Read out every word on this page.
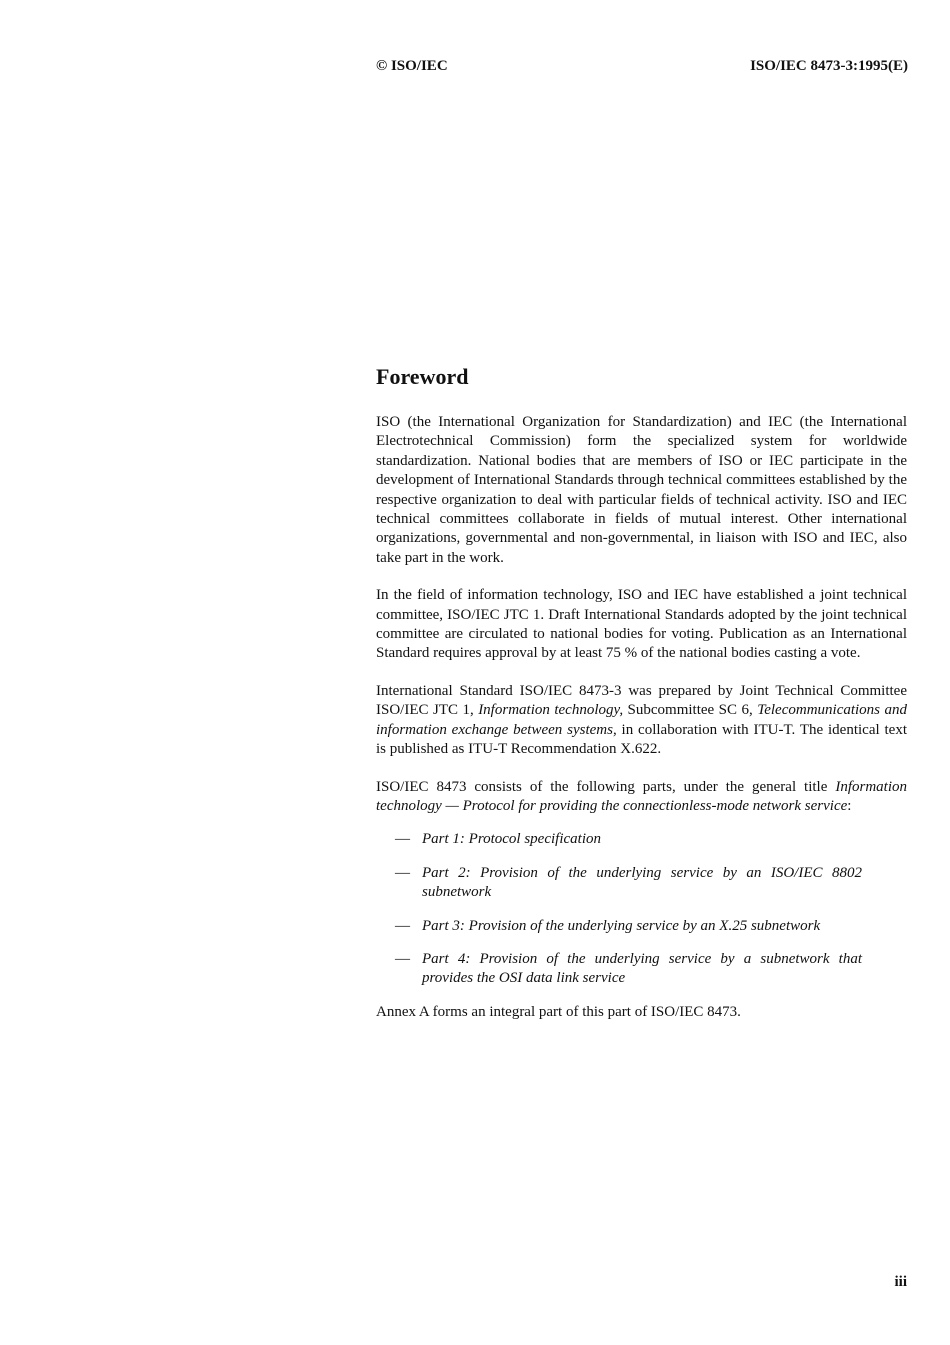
© ISO/IEC	ISO/IEC 8473-3:1995(E)
Foreword

ISO (the International Organization for Standardization) and IEC (the International Electrotechnical Commission) form the specialized system for worldwide standardization. National bodies that are members of ISO or IEC participate in the development of International Standards through technical committees established by the respective organization to deal with particular fields of technical activity. ISO and IEC technical committees collaborate in fields of mutual interest. Other international organizations, governmental and non-governmental, in liaison with ISO and IEC, also take part in the work.

In the field of information technology, ISO and IEC have established a joint technical committee, ISO/IEC JTC 1. Draft International Standards adopted by the joint technical committee are circulated to national bodies for voting. Publication as an International Standard requires approval by at least 75 % of the national bodies casting a vote.

International Standard ISO/IEC 8473-3 was prepared by Joint Technical Committee ISO/IEC JTC 1, Information technology, Subcommittee SC 6, Telecommunications and information exchange between systems, in collaboration with ITU-T. The identical text is published as ITU-T Recommendation X.622.

ISO/IEC 8473 consists of the following parts, under the general title Information technology — Protocol for providing the connectionless-mode network service:

— Part 1: Protocol specification
— Part 2: Provision of the underlying service by an ISO/IEC 8802 subnetwork
— Part 3: Provision of the underlying service by an X.25 subnetwork
— Part 4: Provision of the underlying service by a subnetwork that provides the OSI data link service

Annex A forms an integral part of this part of ISO/IEC 8473.

iii
